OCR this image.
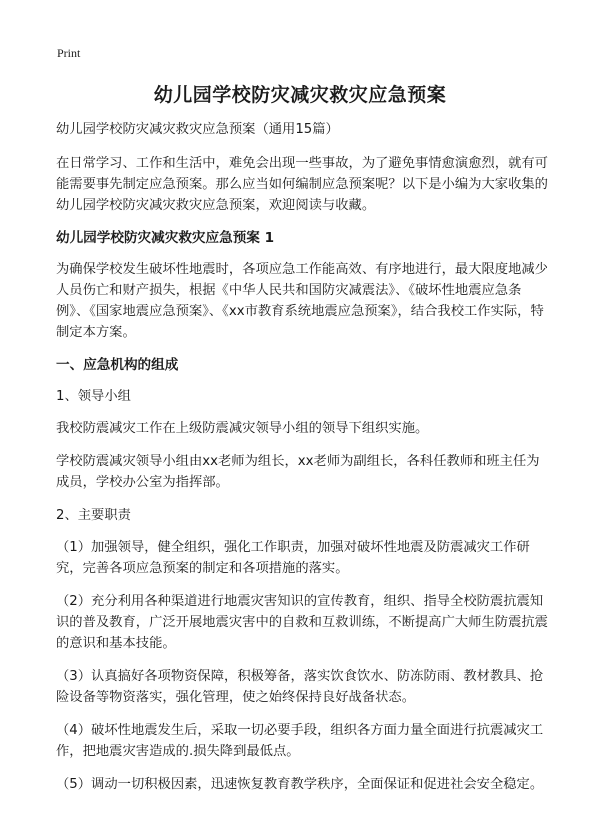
Print
幼儿园学校防灾减灾救灾应急预案

幼儿园学校防灾减灾救灾应急预案（通用15篇）

在日常学习、工作和生活中，难免会出现一些事故，为了避免事情愈演愈烈，就有可能需要事先制定应急预案。那么应当如何编制应急预案呢？以下是小编为大家收集的幼儿园学校防灾减灾救灾应急预案，欢迎阅读与收藏。

幼儿园学校防灾减灾救灾应急预案 1

为确保学校发生破坏性地震时，各项应急工作能高效、有序地进行，最大限度地减少人员伤亡和财产损失，根据《中华人民共和国防灾减震法》、《破坏性地震应急条例》、《国家地震应急预案》、《xx市教育系统地震应急预案》，结合我校工作实际，特制定本方案。

一、应急机构的组成

1、领导小组

我校防震减灾工作在上级防震减灾领导小组的领导下组织实施。

学校防震减灾领导小组由xx老师为组长，xx老师为副组长，各科任教师和班主任为成员，学校办公室为指挥部。

2、主要职责

（1）加强领导，健全组织，强化工作职责，加强对破坏性地震及防震减灾工作研究，完善各项应急预案的制定和各项措施的落实。

（2）充分利用各种渠道进行地震灾害知识的宣传教育，组织、指导全校防震抗震知识的普及教育，广泛开展地震灾害中的自救和互救训练，不断提高广大师生防震抗震的意识和基本技能。

（3）认真搞好各项物资保障，积极筹备，落实饮食饮水、防冻防雨、教材教具、抢险设备等物资落实，强化管理，使之始终保持良好战备状态。

（4）破坏性地震发生后，采取一切必要手段，组织各方面力量全面进行抗震减灾工作，把地震灾害造成的.损失降到最低点。

（5）调动一切积极因素，迅速恢复教育教学秩序，全面保证和促进社会安全稳定。
